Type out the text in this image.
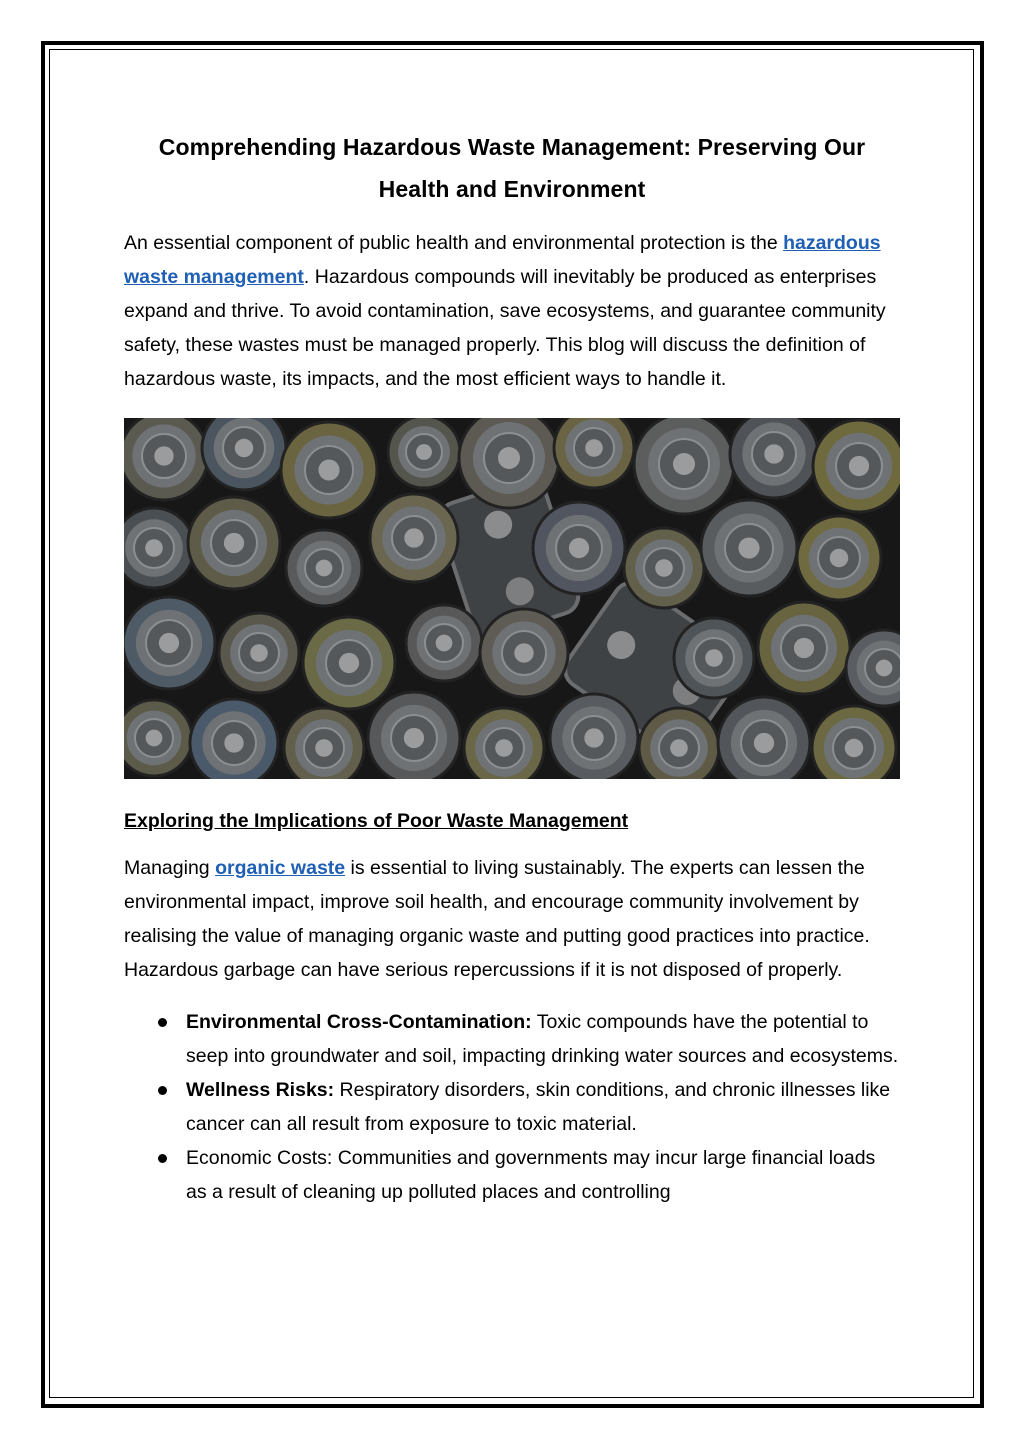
Comprehending Hazardous Waste Management: Preserving Our Health and Environment

An essential component of public health and environmental protection is the hazardous waste management. Hazardous compounds will inevitably be produced as enterprises expand and thrive. To avoid contamination, save ecosystems, and guarantee community safety, these wastes must be managed properly. This blog will discuss the definition of hazardous waste, its impacts, and the most efficient ways to handle it.

Exploring the Implications of Poor Waste Management

Managing organic waste is essential to living sustainably. The experts can lessen the environmental impact, improve soil health, and encourage community involvement by realising the value of managing organic waste and putting good practices into practice. Hazardous garbage can have serious repercussions if it is not disposed of properly.

Environmental Cross-Contamination: Toxic compounds have the potential to seep into groundwater and soil, impacting drinking water sources and ecosystems.
Wellness Risks: Respiratory disorders, skin conditions, and chronic illnesses like cancer can all result from exposure to toxic material.
Economic Costs: Communities and governments may incur large financial loads as a result of cleaning up polluted places and controlling
